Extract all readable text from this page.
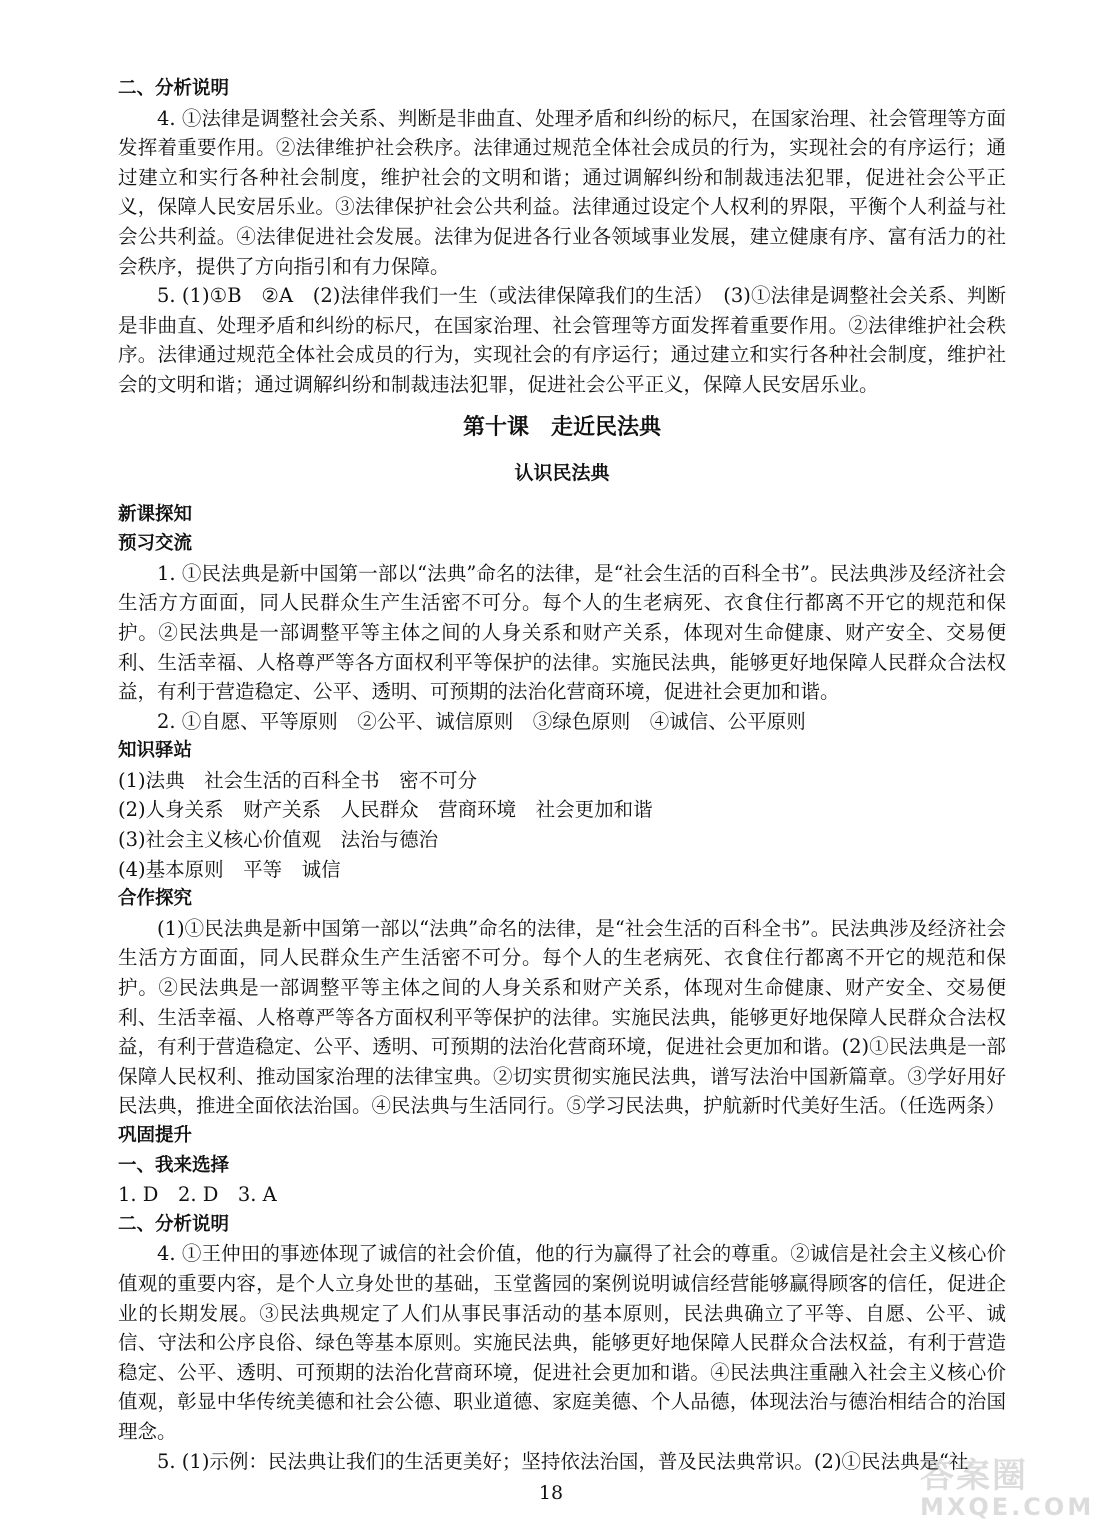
二、分析说明

4. ①法律是调整社会关系、判断是非曲直、处理矛盾和纠纷的标尺，在国家治理、社会管理等方面发挥着重要作用。②法律维护社会秩序。法律通过规范全体社会成员的行为，实现社会的有序运行；通过建立和实行各种社会制度，维护社会的文明和谐；通过调解纠纷和制裁违法犯罪，促进社会公平正义，保障人民安居乐业。③法律保护社会公共利益。法律通过设定个人权利的界限，平衡个人利益与社会公共利益。④法律促进社会发展。法律为促进各行业各领域事业发展，建立健康有序、富有活力的社会秩序，提供了方向指引和有力保障。

5. (1)①B　②A　(2)法律伴我们一生（或法律保障我们的生活）　(3)①法律是调整社会关系、判断是非曲直、处理矛盾和纠纷的标尺，在国家治理、社会管理等方面发挥着重要作用。②法律维护社会秩序。法律通过规范全体社会成员的行为，实现社会的有序运行；通过建立和实行各种社会制度，维护社会的文明和谐；通过调解纠纷和制裁违法犯罪，促进社会公平正义，保障人民安居乐业。

第十课　走近民法典
认识民法典
新课探知
预习交流

1. ①民法典是新中国第一部以“法典”命名的法律，是“社会生活的百科全书”。民法典涉及经济社会生活方方面面，同人民群众生产生活密不可分。每个人的生老病死、衣食住行都离不开它的规范和保护。②民法典是一部调整平等主体之间的人身关系和财产关系，体现对生命健康、财产安全、交易便利、生活幸福、人格尊严等各方面权利平等保护的法律。实施民法典，能够更好地保障人民群众合法权益，有利于营造稳定、公平、透明、可预期的法治化营商环境，促进社会更加和谐。

2. ①自愿、平等原则　②公平、诚信原则　③绿色原则　④诚信、公平原则

知识驿站

(1)法典　社会生活的百科全书　密不可分

(2)人身关系　财产关系　人民群众　营商环境　社会更加和谐

(3)社会主义核心价值观　法治与德治

(4)基本原则　平等　诚信

合作探究

(1)①民法典是新中国第一部以“法典”命名的法律，是“社会生活的百科全书”。民法典涉及经济社会生活方方面面，同人民群众生产生活密不可分。每个人的生老病死、衣食住行都离不开它的规范和保护。②民法典是一部调整平等主体之间的人身关系和财产关系，体现对生命健康、财产安全、交易便利、生活幸福、人格尊严等各方面权利平等保护的法律。实施民法典，能够更好地保障人民群众合法权益，有利于营造稳定、公平、透明、可预期的法治化营商环境，促进社会更加和谐。(2)①民法典是一部保障人民权利、推动国家治理的法律宝典。②切实贯彻实施民法典，谱写法治中国新篇章。③学好用好民法典，推进全面依法治国。④民法典与生活同行。⑤学习民法典，护航新时代美好生活。（任选两条）

巩固提升
一、我来选择

1. D　2. D　3. A

二、分析说明

4. ①王仲田的事迹体现了诚信的社会价值，他的行为赢得了社会的尊重。②诚信是社会主义核心价值观的重要内容，是个人立身处世的基础，玉堂酱园的案例说明诚信经营能够赢得顾客的信任，促进企业的长期发展。③民法典规定了人们从事民事活动的基本原则，民法典确立了平等、自愿、公平、诚信、守法和公序良俗、绿色等基本原则。实施民法典，能够更好地保障人民群众合法权益，有利于营造稳定、公平、透明、可预期的法治化营商环境，促进社会更加和谐。④民法典注重融入社会主义核心价值观，彰显中华传统美德和社会公德、职业道德、家庭美德、个人品德，体现法治与德治相结合的治国理念。

5. (1)示例：民法典让我们的生活更美好；坚持依法治国，普及民法典常识。(2)①民法典是“社

18	答案圈
MXQE.COM
